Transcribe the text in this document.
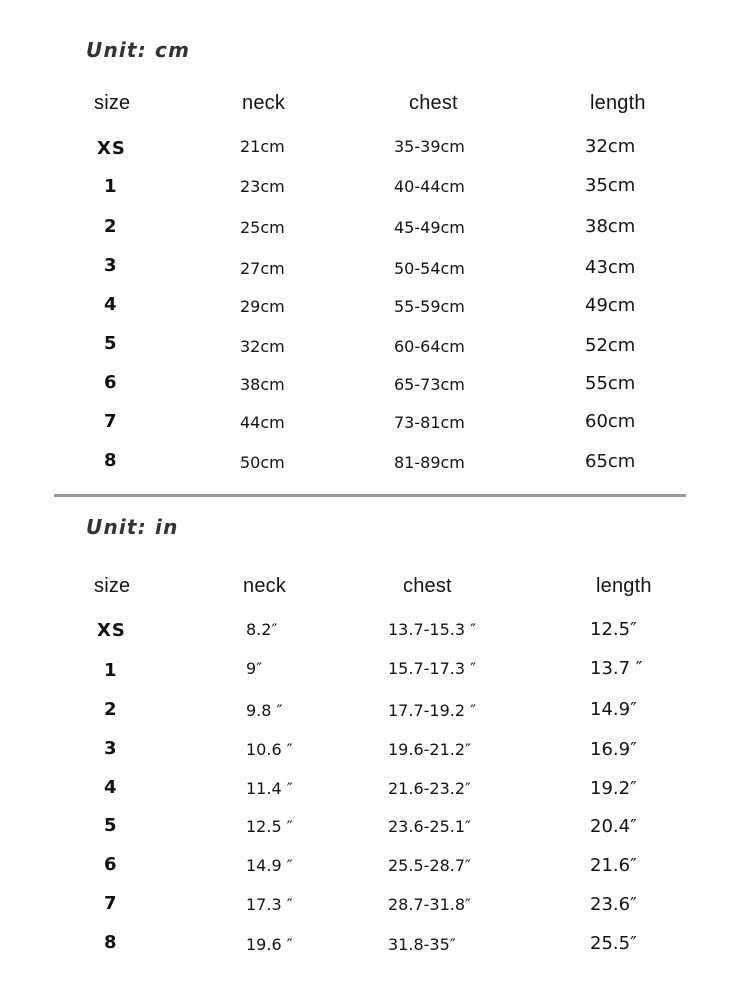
Unit: cm
size	neck	chest	length
XS	21cm	35-39cm	32cm
1	23cm	40-44cm	35cm
2	25cm	45-49cm	38cm
3	27cm	50-54cm	43cm
4	29cm	55-59cm	49cm
5	32cm	60-64cm	52cm
6	38cm	65-73cm	55cm
7	44cm	73-81cm	60cm
8	50cm	81-89cm	65cm
Unit: in
size	neck	chest	length
XS	8.2″	13.7-15.3 ″	12.5″
1	9″	15.7-17.3 ″	13.7 ″
2	9.8 ″	17.7-19.2 ″	14.9″
3	10.6 ″	19.6-21.2″	16.9″
4	11.4 ″	21.6-23.2″	19.2″
5	12.5 ″	23.6-25.1″	20.4″
6	14.9 ″	25.5-28.7″	21.6″
7	17.3 ″	28.7-31.8″	23.6″
8	19.6 ″	31.8-35″	25.5″
